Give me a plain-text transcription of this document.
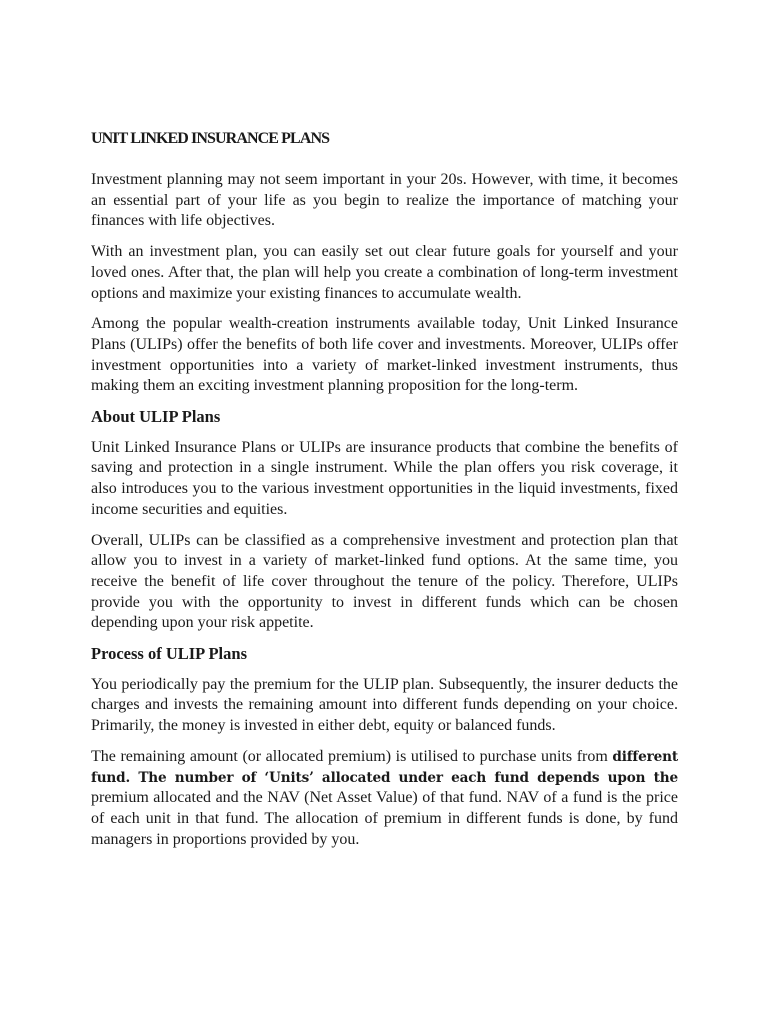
UNIT LINKED INSURANCE PLANS

Investment planning may not seem important in your 20s. However, with time, it becomes an essential part of your life as you begin to realize the importance of matching your finances with life objectives.

With an investment plan, you can easily set out clear future goals for yourself and your loved ones. After that, the plan will help you create a combination of long-term investment options and maximize your existing finances to accumulate wealth.

Among the popular wealth-creation instruments available today, Unit Linked Insurance Plans (ULIPs) offer the benefits of both life cover and investments. Moreover, ULIPs offer investment opportunities into a variety of market-linked investment instruments, thus making them an exciting investment planning proposition for the long-term.

About ULIP Plans

Unit Linked Insurance Plans or ULIPs are insurance products that combine the benefits of saving and protection in a single instrument. While the plan offers you risk coverage, it also introduces you to the various investment opportunities in the liquid investments, fixed income securities and equities.

Overall, ULIPs can be classified as a comprehensive investment and protection plan that allow you to invest in a variety of market-linked fund options. At the same time, you receive the benefit of life cover throughout the tenure of the policy. Therefore, ULIPs provide you with the opportunity to invest in different funds which can be chosen depending upon your risk appetite.

Process of ULIP Plans

You periodically pay the premium for the ULIP plan. Subsequently, the insurer deducts the charges and invests the remaining amount into different funds depending on your choice. Primarily, the money is invested in either debt, equity or balanced funds.

The remaining amount (or allocated premium) is utilised to purchase units from different fund. The number of ‘Units’ allocated under each fund depends upon the premium allocated and the NAV (Net Asset Value) of that fund. NAV of a fund is the price of each unit in that fund. The allocation of premium in different funds is done, by fund managers in proportions provided by you.
